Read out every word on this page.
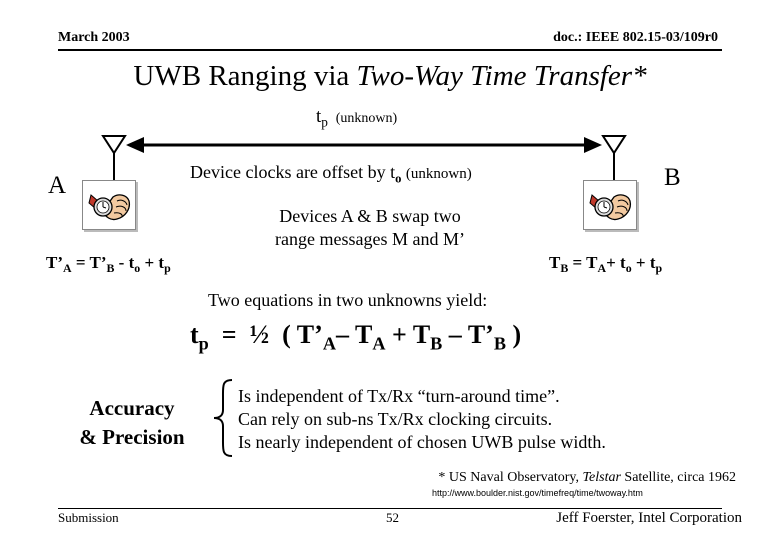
March 2003	doc.: IEEE 802.15-03/109r0
UWB Ranging via Two-Way Time Transfer*
$t_p$ (unknown)
A	B
Device clocks are offset by $t_o$ (unknown)
Devices A & B swap two
range messages M and M’
$T’_A$ = $T’_B - t_o + t_p$	$T_B = T_A+ t_o + t_p$
Two equations in two unknowns yield:
$t_p$  =  ½  ( $T’_A-$ $T_A + T_B$ – $T’_B$ )
Accuracy
& Precision
Is independent of Tx/Rx “turn-around time”.
Can rely on sub-ns Tx/Rx clocking circuits.
Is nearly independent of chosen UWB pulse width.
* US Naval Observatory, Telstar Satellite, circa 1962
http://www.boulder.nist.gov/timefreq/time/twoway.htm
Submission	52	Jeff Foerster, Intel Corporation
